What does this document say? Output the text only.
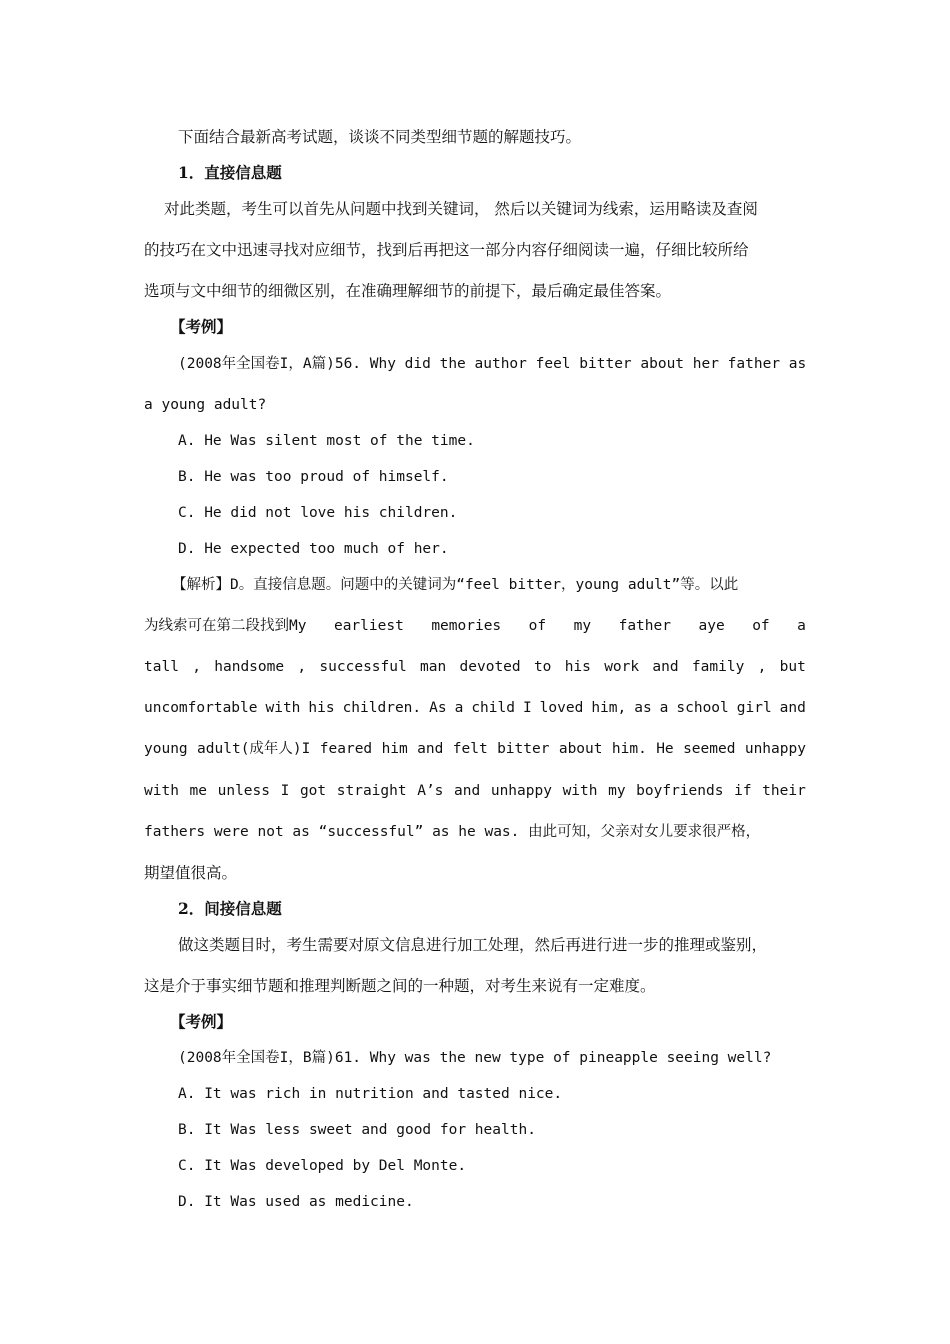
下面结合最新高考试题，谈谈不同类型细节题的解题技巧。
1．直接信息题
对此类题，考生可以首先从问题中找到关键词， 然后以关键词为线索，运用略读及查阅
的技巧在文中迅速寻找对应细节，找到后再把这一部分内容仔细阅读一遍，仔细比较所给
选项与文中细节的细微区别，在准确理解细节的前提下，最后确定最佳答案。
【考例】
(2008年全国卷I，A篇)56. Why did the author feel bitter about her father as
a young adult?
A. He Was silent most of the time.
B. He was too proud of himself.
C. He did not love his children.
D. He expected too much of her.
【解析】D。直接信息题。问题中的关键词为“feel bitter，young adult”等。以此
为线索可在第二段找到My earliest memories of my father aye of a
tall , handsome , successful man devoted to his work and family , but
uncomfortable with his children. As a child I loved him, as a school girl and
young adult(成年人)I feared him and felt bitter about him. He seemed unhappy
with me unless I got straight A’s and unhappy with my boyfriends if their
fathers were not as “successful” as he was. 由此可知，父亲对女儿要求很严格，
期望值很高。
2．间接信息题
做这类题目时，考生需要对原文信息进行加工处理，然后再进行进一步的推理或鉴别，
这是介于事实细节题和推理判断题之间的一种题，对考生来说有一定难度。
【考例】
(2008年全国卷I，B篇)61. Why was the new type of pineapple seeing well?
A. It was rich in nutrition and tasted nice.
B. It Was less sweet and good for health.
C. It Was developed by Del Monte.
D. It Was used as medicine.
